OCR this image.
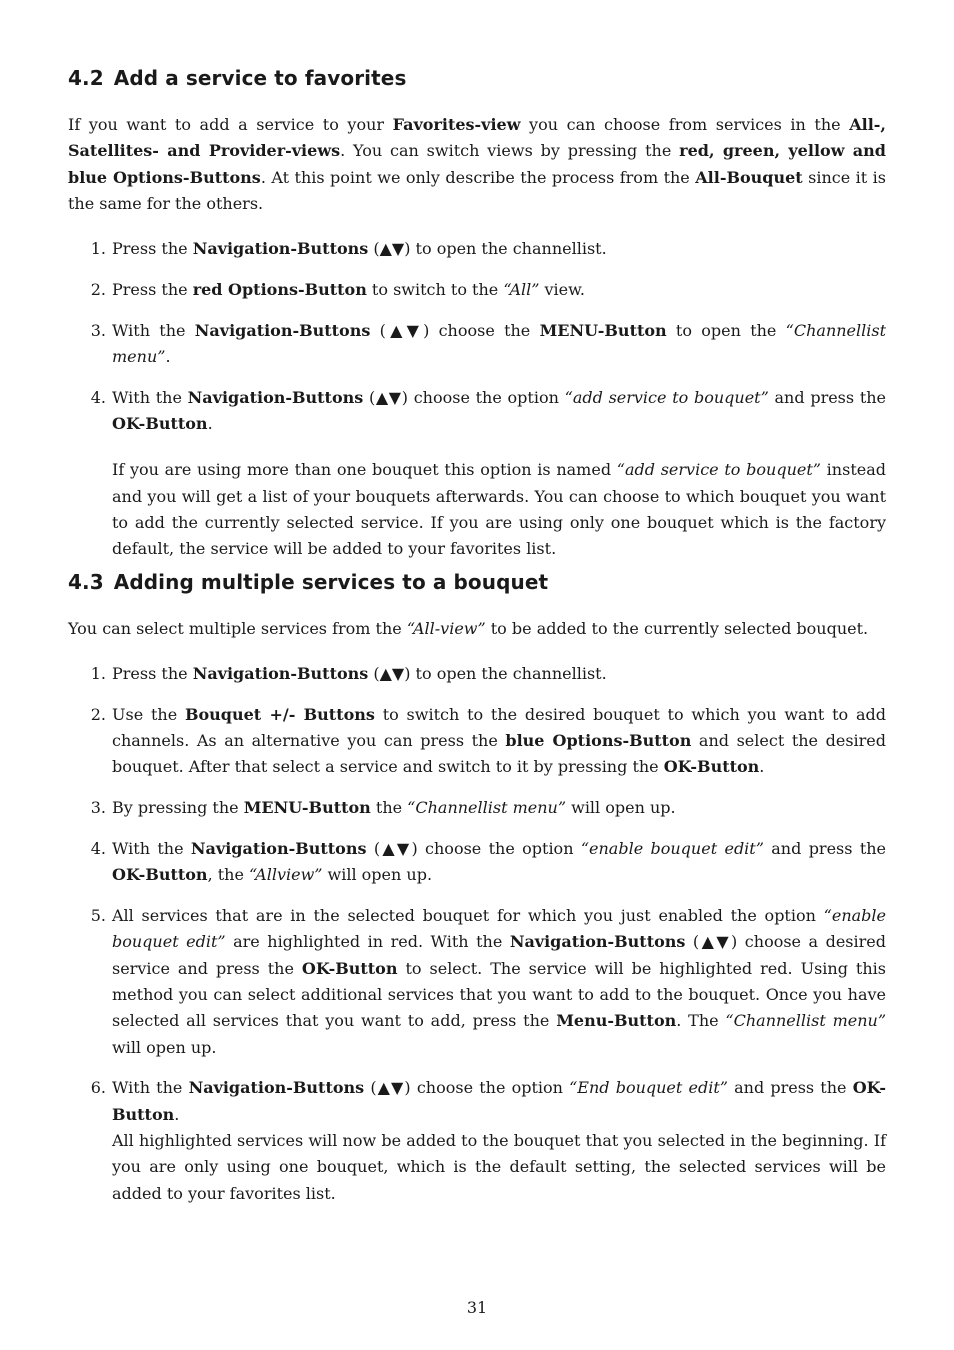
4.2 Add a service to favorites

If you want to add a service to your Favorites-view you can choose from services in the All-, Satellites- and Provider-views. You can switch views by pressing the red, green, yellow and blue Options-Buttons. At this point we only describe the process from the All-Bouquet since it is the same for the others.

1. Press the Navigation-Buttons (▲▼) to open the channellist.
2. Press the red Options-Button to switch to the “All” view.
3. With the Navigation-Buttons (▲▼) choose the MENU-Button to open the “Channellist menu”.
4. With the Navigation-Buttons (▲▼) choose the option “add service to bouquet” and press the OK-Button.
If you are using more than one bouquet this option is named “add service to bouquet” instead and you will get a list of your bouquets afterwards. You can choose to which bouquet you want to add the currently selected service. If you are using only one bouquet which is the factory default, the service will be added to your favorites list.
4.3 Adding multiple services to a bouquet

You can select multiple services from the “All-view” to be added to the currently selected bouquet.

1. Press the Navigation-Buttons (▲▼) to open the channellist.
2. Use the Bouquet +/- Buttons to switch to the desired bouquet to which you want to add channels. As an alternative you can press the blue Options-Button and select the desired bouquet. After that select a service and switch to it by pressing the OK-Button.
3. By pressing the MENU-Button the “Channellist menu” will open up.
4. With the Navigation-Buttons (▲▼) choose the option “enable bouquet edit” and press the OK-Button, the “Allview” will open up.
5. All services that are in the selected bouquet for which you just enabled the option “enable bouquet edit” are highlighted in red. With the Navigation-Buttons (▲▼) choose a desired service and press the OK-Button to select. The service will be highlighted red. Using this method you can select additional services that you want to add to the bouquet. Once you have selected all services that you want to add, press the Menu-Button. The “Channellist menu” will open up.
6. With the Navigation-Buttons (▲▼) choose the option “End bouquet edit” and press the OK-Button.
All highlighted services will now be added to the bouquet that you selected in the beginning. If you are only using one bouquet, which is the default setting, the selected services will be added to your favorites list.
31
